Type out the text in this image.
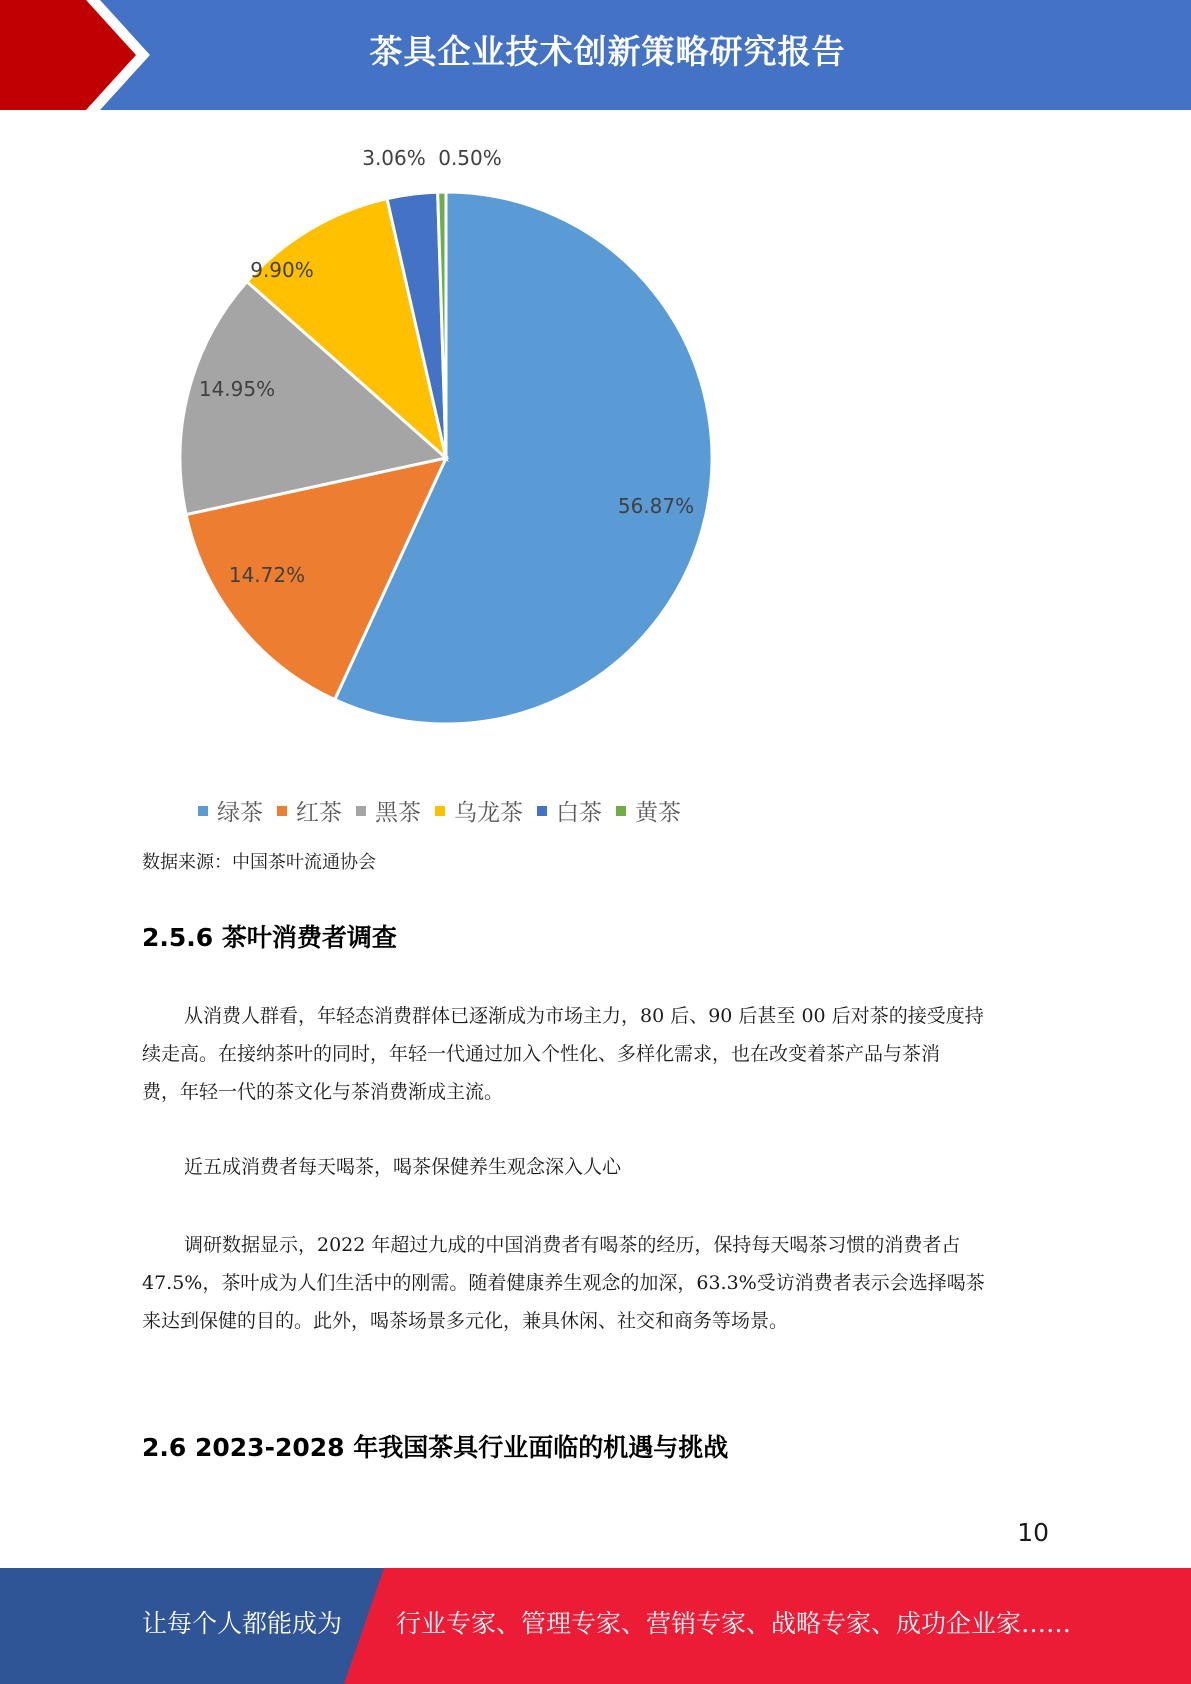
茶具企业技术创新策略研究报告
56.87%
14.72%
14.95%
9.90%
3.06% 0.50%
绿茶 红茶 黑茶 乌龙茶 白茶 黄茶
数据来源：中国茶叶流通协会
2.5.6 茶叶消费者调查
从消费人群看，年轻态消费群体已逐渐成为市场主力，80 后、90 后甚至 00 后对茶的接受度持
续走高。在接纳茶叶的同时，年轻一代通过加入个性化、多样化需求，也在改变着茶产品与茶消
费，年轻一代的茶文化与茶消费渐成主流。
近五成消费者每天喝茶，喝茶保健养生观念深入人心
调研数据显示，2022 年超过九成的中国消费者有喝茶的经历，保持每天喝茶习惯的消费者占
47.5%，茶叶成为人们生活中的刚需。随着健康养生观念的加深，63.3%受访消费者表示会选择喝茶
来达到保健的目的。此外，喝茶场景多元化，兼具休闲、社交和商务等场景。
2.6 2023-2028 年我国茶具行业面临的机遇与挑战
10
让每个人都能成为 行业专家、管理专家、营销专家、战略专家、成功企业家……
